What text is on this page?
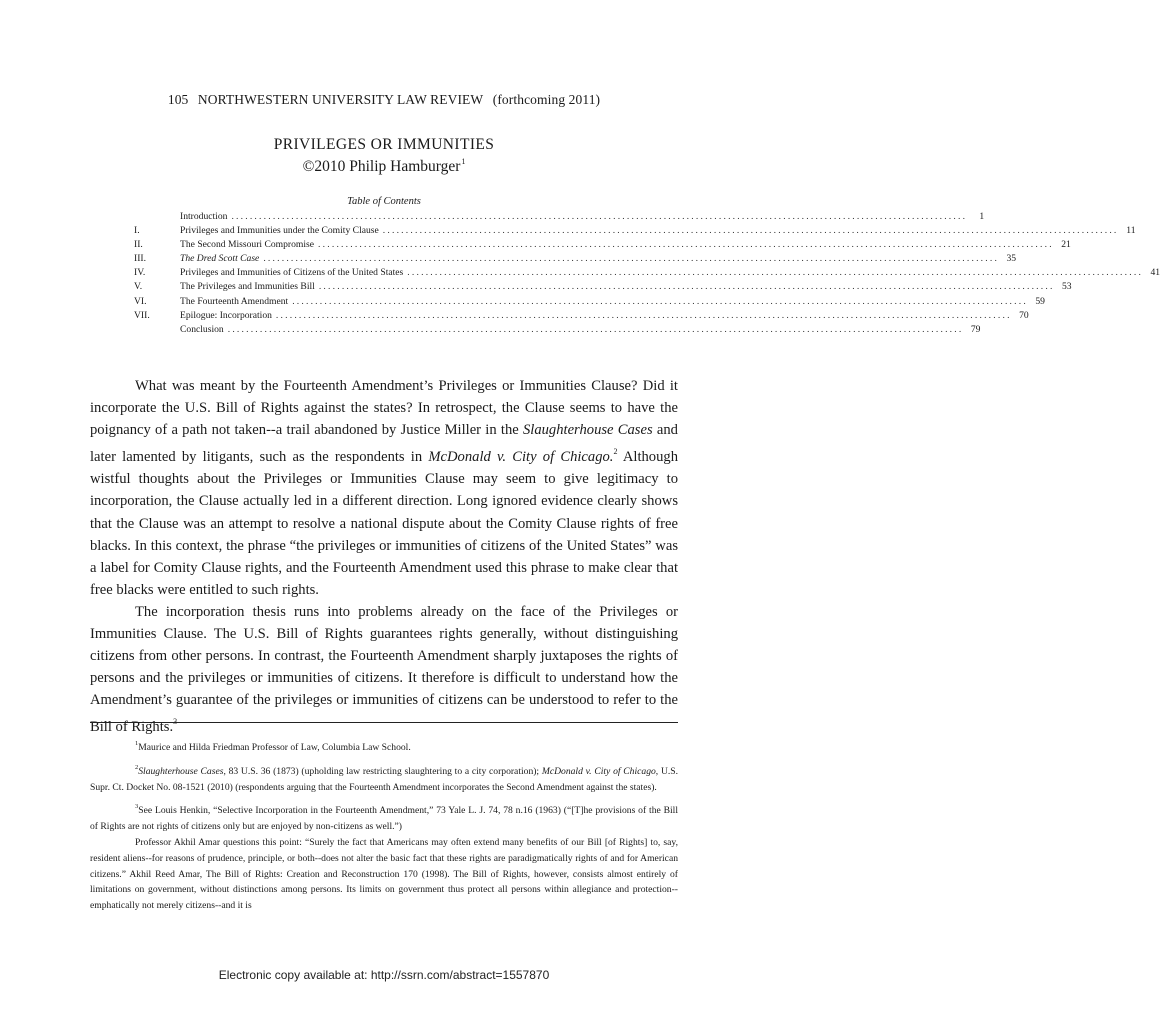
105 NORTHWESTERN UNIVERSITY LAW REVIEW (forthcoming 2011)
PRIVILEGES OR IMMUNITIES
©2010 Philip Hamburger$^1$
Table of Contents
Introduction ................................................................................................................................................................	1
I.	Privileges and Immunities under the Comity Clause ................................................................................................................................................................ 11
II.	The Second Missouri Compromise ................................................................................................................................................................ 21
III.	The Dred Scott Case ................................................................................................................................................................ 35
IV.	Privileges and Immunities of Citizens of the United States ................................................................................................................................................................ 41
V.	The Privileges and Immunities Bill ................................................................................................................................................................ 53
VI.	The Fourteenth Amendment ................................................................................................................................................................ 59
VII.	Epilogue: Incorporation ................................................................................................................................................................ 70
Conclusion ................................................................................................................................................................ 79

What was meant by the Fourteenth Amendment’s Privileges or Immunities Clause? Did it incorporate the U.S. Bill of Rights against the states? In retrospect, the Clause seems to have the poignancy of a path not taken--a trail abandoned by Justice Miller in the Slaughterhouse Cases and later lamented by litigants, such as the respondents in McDonald v. City of Chicago.$^2$ Although wistful thoughts about the Privileges or Immunities Clause may seem to give legitimacy to incorporation, the Clause actually led in a different direction. Long ignored evidence clearly shows that the Clause was an attempt to resolve a national dispute about the Comity Clause rights of free blacks. In this context, the phrase “the privileges or immunities of citizens of the United States” was a label for Comity Clause rights, and the Fourteenth Amendment used this phrase to make clear that free blacks were entitled to such rights.

The incorporation thesis runs into problems already on the face of the Privileges or Immunities Clause. The U.S. Bill of Rights guarantees rights generally, without distinguishing citizens from other persons. In contrast, the Fourteenth Amendment sharply juxtaposes the rights of persons and the privileges or immunities of citizens. It therefore is difficult to understand how the Amendment’s guarantee of the privileges or immunities of citizens can be understood to refer to the Bill of Rights.$^3$

$^1$Maurice and Hilda Friedman Professor of Law, Columbia Law School.

$^2$Slaughterhouse Cases, 83 U.S. 36 (1873) (upholding law restricting slaughtering to a city corporation); McDonald v. City of Chicago, U.S. Supr. Ct. Docket No. 08-1521 (2010) (respondents arguing that the Fourteenth Amendment incorporates the Second Amendment against the states).

$^3$See Louis Henkin, “Selective Incorporation in the Fourteenth Amendment,” 73 Yale L. J. 74, 78 n.16 (1963) (“[T]he provisions of the Bill of Rights are not rights of citizens only but are enjoyed by non-citizens as well.”)

Professor Akhil Amar questions this point: “Surely the fact that Americans may often extend many benefits of our Bill [of Rights] to, say, resident aliens--for reasons of prudence, principle, or both--does not alter the basic fact that these rights are paradigmatically rights of and for American citizens.” Akhil Reed Amar, The Bill of Rights: Creation and Reconstruction 170 (1998). The Bill of Rights, however, consists almost entirely of limitations on government, without distinctions among persons. Its limits on government thus protect all persons within allegiance and protection--emphatically not merely citizens--and it is

Electronic copy available at: http://ssrn.com/abstract=1557870
